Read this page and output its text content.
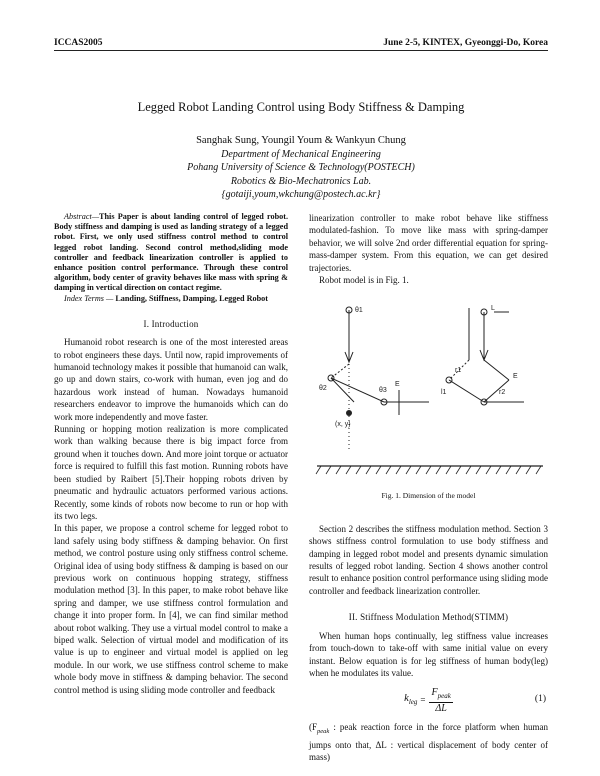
ICCAS2005	June 2-5, KINTEX, Gyeonggi-Do, Korea
Legged Robot Landing Control using Body Stiffness & Damping
Sanghak Sung, Youngil Youm & Wankyun Chung
Department of Mechanical Engineering
Pohang University of Science & Technology(POSTECH)
Robotics & Bio-Mechatronics Lab.
{gotaiji,youm,wkchung@postech.ac.kr}

Abstract—This Paper is about landing control of legged robot. Body stiffness and damping is used as landing strategy of a legged robot. First, we only used stiffness control method to control legged robot landing. Second control method,sliding mode controller and feedback linearization controller is applied to enhance position control performance. Through these control algorithm, body center of gravity behaves like mass with spring & damping in vertical direction on contact regime.

Index Terms — Landing, Stiffness, Damping, Legged Robot

I. Introduction

Humanoid robot research is one of the most interested areas to robot engineers these days. Until now, rapid improvements of humanoid technology makes it possible that humanoid can walk, go up and down stairs, co-work with human, even jog and do hazardous work instead of human. Nowadays humanoid researchers endeavor to improve the humanoids which can do work more independently and move faster.

Running or hopping motion realization is more complicated work than walking because there is big impact force from ground when it touches down. And more joint torque or actuator force is required to fulfill this fast motion. Running robots have been studied by Raibert [5].Their hopping robots driven by pneumatic and hydraulic actuators performed various actions. Recently, some kinds of robots now become to run or hop with its two legs.

In this paper, we propose a control scheme for legged robot to land safely using body stiffness & damping behavior. On first method, we control posture using only stiffness control scheme. Original idea of using body stiffness & damping is based on our previous work on continuous hopping strategy, stiffness modulation method [3]. In this paper, to make robot behave like spring and damper, we use stiffness control formulation and change it into proper form. In [4], we can find similar method about robot walking. They use a virtual model control to make a biped walk. Selection of virtual model and modification of its value is up to engineer and virtual model is applied on leg module. In our work, we use stiffness control scheme to make whole body move in stiffness & damping behavior. The second control method is using sliding mode controller and feedback

linearization controller to make robot behave like stiffness modulated-fashion. To move like mass with spring-damper behavior, we will solve 2nd order differential equation for spring-mass-damper system. From this equation, we can get desired trajectories.

Robot model is in Fig. 1.

θ1
θ2	θ3
E
(x, y)
L
r1
r2
E
l1

Fig. 1. Dimension of the model

Section 2 describes the stiffness modulation method. Section 3 shows stiffness control formulation to use body stiffness and damping in legged robot model and presents dynamic simulation results of legged robot landing. Section 4 shows another control result to enhance position control performance using sliding mode controller and feedback linearization controller.

II. Stiffness Modulation Method(STIMM)

When human hops continually, leg stiffness value increases from touch-down to take-off with same initial value on every instant. Below equation is for leg stiffness of human body(leg) when he modulates its value.

$k_{leg} = \frac{F_{peak}}{\Delta L}$	(1)

($F_{peak}$ : peak reaction force in the force platform when human jumps onto that, ΔL : vertical displacement of body center of mass)
